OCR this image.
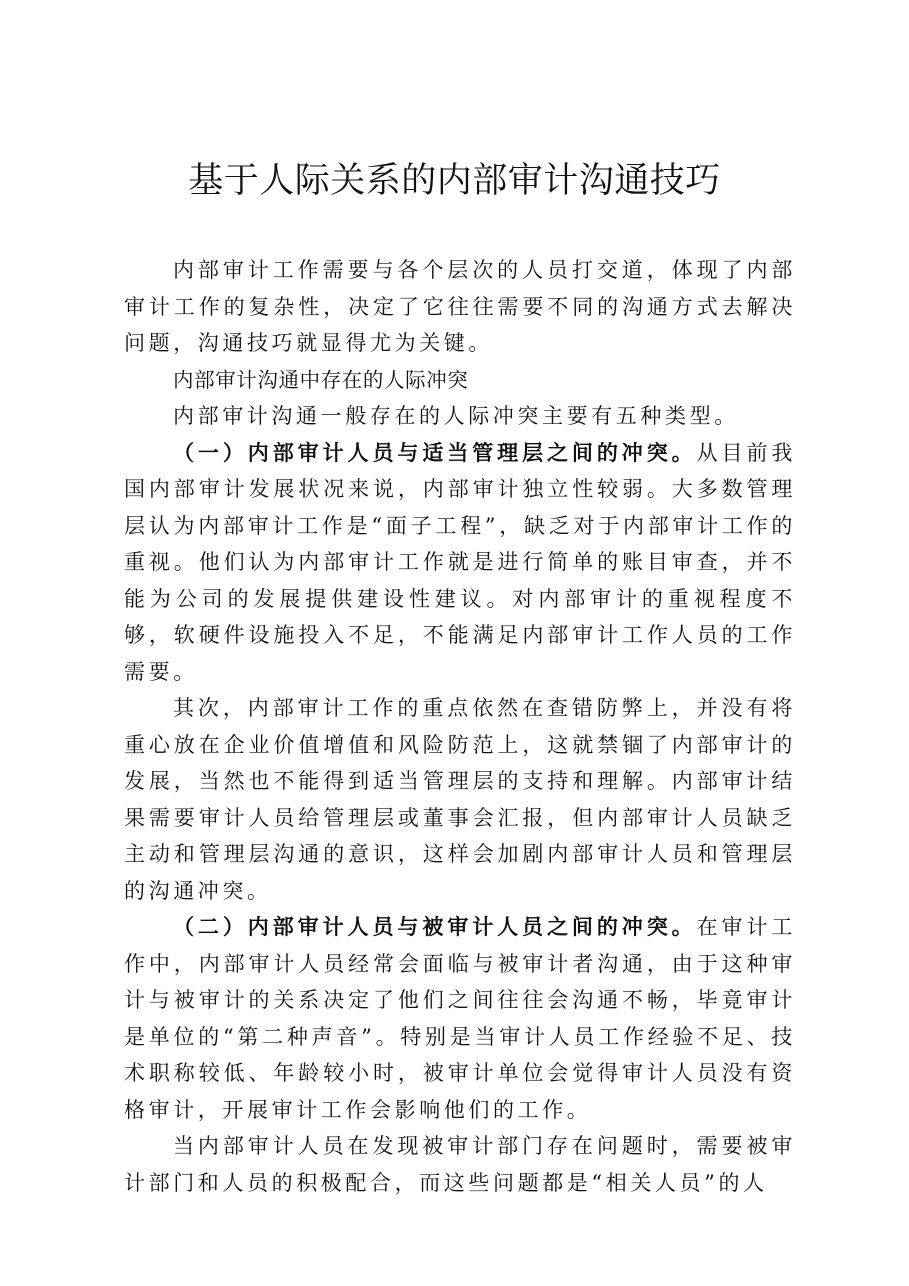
基于人际关系的内部审计沟通技巧

内部审计工作需要与各个层次的人员打交道，体现了内部审计工作的复杂性，决定了它往往需要不同的沟通方式去解决问题，沟通技巧就显得尤为关键。

内部审计沟通中存在的人际冲突

内部审计沟通一般存在的人际冲突主要有五种类型。

（一）内部审计人员与适当管理层之间的冲突。从目前我国内部审计发展状况来说，内部审计独立性较弱。大多数管理层认为内部审计工作是“面子工程”，缺乏对于内部审计工作的重视。他们认为内部审计工作就是进行简单的账目审查，并不能为公司的发展提供建设性建议。对内部审计的重视程度不够，软硬件设施投入不足，不能满足内部审计工作人员的工作需要。

其次，内部审计工作的重点依然在查错防弊上，并没有将重心放在企业价值增值和风险防范上，这就禁锢了内部审计的发展，当然也不能得到适当管理层的支持和理解。内部审计结果需要审计人员给管理层或董事会汇报，但内部审计人员缺乏主动和管理层沟通的意识，这样会加剧内部审计人员和管理层的沟通冲突。

（二）内部审计人员与被审计人员之间的冲突。在审计工作中，内部审计人员经常会面临与被审计者沟通，由于这种审计与被审计的关系决定了他们之间往往会沟通不畅，毕竟审计是单位的“第二种声音”。特别是当审计人员工作经验不足、技术职称较低、年龄较小时，被审计单位会觉得审计人员没有资格审计，开展审计工作会影响他们的工作。

当内部审计人员在发现被审计部门存在问题时，需要被审计部门和人员的积极配合，而这些问题都是“相关人员”的人
